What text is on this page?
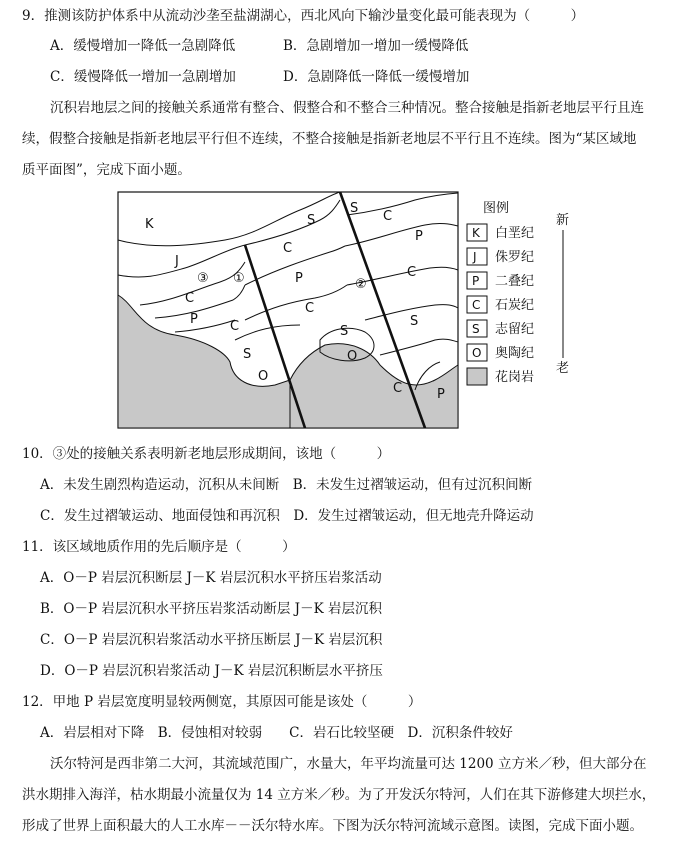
9．推测该防护体系中从流动沙垄至盐湖湖心，西北风向下输沙量变化最可能表现为（　　　）
A．缓慢增加一降低一急剧降低	B．急剧增加一增加一缓慢降低
C．缓慢降低一增加一急剧增加	D．急剧降低一降低一缓慢增加
沉积岩地层之间的接触关系通常有整合、假整合和不整合三种情况。整合接触是指新老地层平行且连
续，假整合接触是指新老地层平行但不连续，不整合接触是指新老地层不平行且不连续。图为“某区域地
质平面图”，完成下面小题。
K
J
C
P C
S
O
C
P
S
C
S
O
S
C
P
C
S
C	P
③ ①	②
图例
K 白垩纪
J 侏罗纪
P 二叠纪
C 石炭纪
S 志留纪
O 奥陶纪
花岗岩
新
老
10．③处的接触关系表明新老地层形成期间，该地（　　　）
A．未发生剧烈构造运动，沉积从未间断　B．未发生过褶皱运动，但有过沉积间断
C．发生过褶皱运动、地面侵蚀和再沉积　D．发生过褶皱运动，但无地壳升降运动
11．该区域地质作用的先后顺序是（　　　）
A．O－P 岩层沉积断层 J－K 岩层沉积水平挤压岩浆活动
B．O－P 岩层沉积水平挤压岩浆活动断层 J－K 岩层沉积
C．O－P 岩层沉积岩浆活动水平挤压断层 J－K 岩层沉积
D．O－P 岩层沉积岩浆活动 J－K 岩层沉积断层水平挤压
12．甲地 P 岩层宽度明显较两侧宽，其原因可能是该处（　　　）
A．岩层相对下降　B．侵蚀相对较弱　　C．岩石比较坚硬　D．沉积条件较好
沃尔特河是西非第二大河，其流域范围广，水量大，年平均流量可达 1200 立方米／秒，但大部分在
洪水期排入海洋，枯水期最小流量仅为 14 立方米／秒。为了开发沃尔特河，人们在其下游修建大坝拦水，
形成了世界上面积最大的人工水库－－沃尔特水库。下图为沃尔特河流域示意图。读图，完成下面小题。
